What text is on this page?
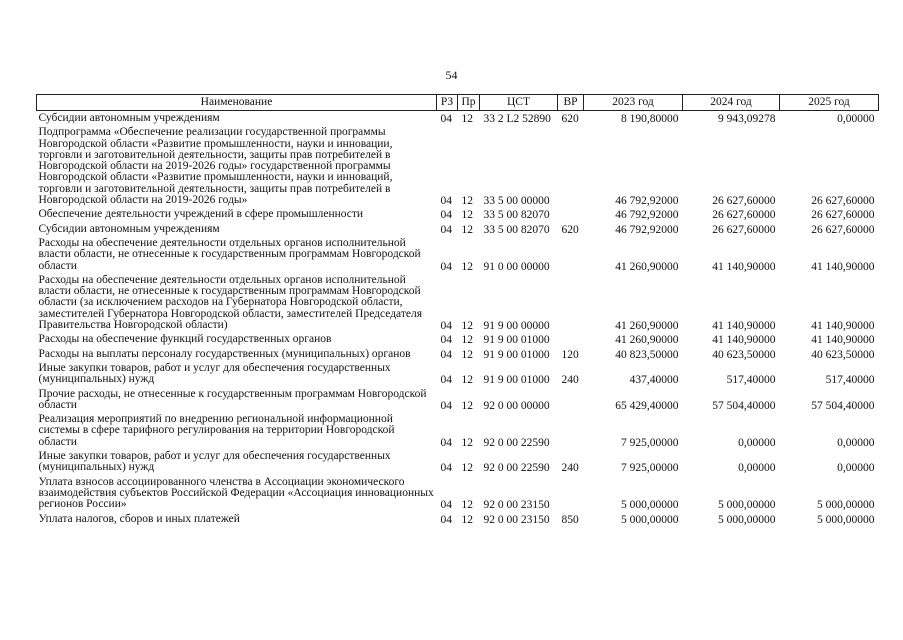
54
Наименование	РЗ	Пр	ЦСТ	ВР	2023 год	2024 год	2025 год
Субсидии автономным учреждениям	04	12	33 2 L2 52890	620	8 190,80000	9 943,09278	0,00000
Подпрограмма «Обеспечение реализации государственной программы Новгородской области «Развитие промышленности, науки и инновации, торговли и заготовительной деятельности, защиты прав потребителей в Новгородской области на 2019-2026 годы» государственной программы Новгородской области «Развитие промышленности, науки и инноваций, торговли и заготовительной деятельности, защиты прав потребителей в Новгородской области на 2019-2026 годы»	04	12	33 5 00 00000		46 792,92000	26 627,60000	26 627,60000
Обеспечение деятельности учреждений в сфере промышленности	04	12	33 5 00 82070		46 792,92000	26 627,60000	26 627,60000
Субсидии автономным учреждениям	04	12	33 5 00 82070	620	46 792,92000	26 627,60000	26 627,60000
Расходы на обеспечение деятельности отдельных органов исполнительной власти области, не отнесенные к государственным программам Новгородской области	04	12	91 0 00 00000		41 260,90000	41 140,90000	41 140,90000
Расходы на обеспечение деятельности отдельных органов исполнительной власти области, не отнесенные к государственным программам Новгородской области (за исключением расходов на Губернатора Новгородской области, заместителей Губернатора Новгородской области, заместителей Председателя Правительства Новгородской области)	04	12	91 9 00 00000		41 260,90000	41 140,90000	41 140,90000
Расходы на обеспечение функций государственных органов	04	12	91 9 00 01000		41 260,90000	41 140,90000	41 140,90000
Расходы на выплаты персоналу государственных (муниципальных) органов	04	12	91 9 00 01000	120	40 823,50000	40 623,50000	40 623,50000
Иные закупки товаров, работ и услуг для обеспечения государственных (муниципальных) нужд	04	12	91 9 00 01000	240	437,40000	517,40000	517,40000
Прочие расходы, не отнесенные к государственным программам Новгородской области	04	12	92 0 00 00000		65 429,40000	57 504,40000	57 504,40000
Реализация мероприятий по внедрению региональной информационной системы в сфере тарифного регулирования на территории Новгородской области	04	12	92 0 00 22590		7 925,00000	0,00000	0,00000
Иные закупки товаров, работ и услуг для обеспечения государственных (муниципальных) нужд	04	12	92 0 00 22590	240	7 925,00000	0,00000	0,00000
Уплата взносов ассоциированного членства в Ассоциации экономического взаимодействия субъектов Российской Федерации «Ассоциация инновационных регионов России»	04	12	92 0 00 23150		5 000,00000	5 000,00000	5 000,00000
Уплата налогов, сборов и иных платежей	04	12	92 0 00 23150	850	5 000,00000	5 000,00000	5 000,00000
